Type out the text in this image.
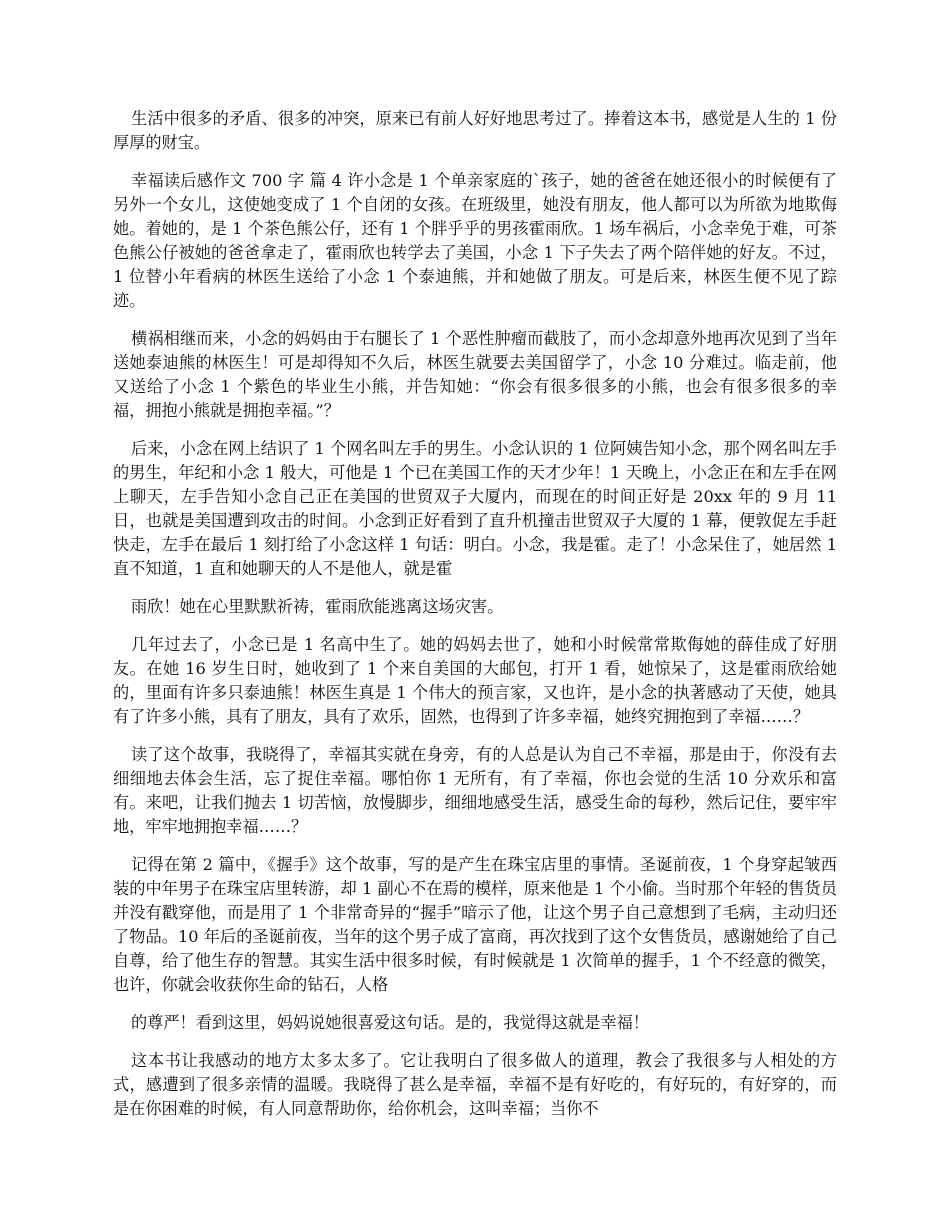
生活中很多的矛盾、很多的冲突，原来已有前人好好地思考过了。捧着这本书，感觉是人生的 1 份厚厚的财宝。

幸福读后感作文 700 字 篇 4 许小念是 1 个单亲家庭的`孩子，她的爸爸在她还很小的时候便有了另外一个女儿，这使她变成了 1 个自闭的女孩。在班级里，她没有朋友，他人都可以为所欲为地欺侮她。着她的，是 1 个茶色熊公仔，还有 1 个胖乎乎的男孩霍雨欣。1 场车祸后，小念幸免于难，可茶色熊公仔被她的爸爸拿走了，霍雨欣也转学去了美国，小念 1 下子失去了两个陪伴她的好友。不过，1 位替小年看病的林医生送给了小念 1 个泰迪熊，并和她做了朋友。可是后来，林医生便不见了踪迹。

横祸相继而来，小念的妈妈由于右腿长了 1 个恶性肿瘤而截肢了，而小念却意外地再次见到了当年送她泰迪熊的林医生！可是却得知不久后，林医生就要去美国留学了，小念 10 分难过。临走前，他又送给了小念 1 个紫色的毕业生小熊，并告知她：“你会有很多很多的小熊，也会有很多很多的幸福，拥抱小熊就是拥抱幸福。”？

后来，小念在网上结识了 1 个网名叫左手的男生。小念认识的 1 位阿姨告知小念，那个网名叫左手的男生，年纪和小念 1 般大，可他是 1 个已在美国工作的天才少年！1 天晚上，小念正在和左手在网上聊天，左手告知小念自己正在美国的世贸双子大厦内，而现在的时间正好是 20xx 年的 9 月 11 日，也就是美国遭到攻击的时间。小念到正好看到了直升机撞击世贸双子大厦的 1 幕，便敦促左手赶快走，左手在最后 1 刻打给了小念这样 1 句话：明白。小念，我是霍。走了！小念呆住了，她居然 1 直不知道，1 直和她聊天的人不是他人，就是霍

雨欣！她在心里默默祈祷，霍雨欣能逃离这场灾害。

几年过去了，小念已是 1 名高中生了。她的妈妈去世了，她和小时候常常欺侮她的薛佳成了好朋友。在她 16 岁生日时，她收到了 1 个来自美国的大邮包，打开 1 看，她惊呆了，这是霍雨欣给她的，里面有许多只泰迪熊！林医生真是 1 个伟大的预言家，又也许，是小念的执著感动了天使，她具有了许多小熊，具有了朋友，具有了欢乐，固然，也得到了许多幸福，她终究拥抱到了幸福……？

读了这个故事，我晓得了，幸福其实就在身旁，有的人总是认为自己不幸福，那是由于，你没有去细细地去体会生活，忘了捉住幸福。哪怕你 1 无所有，有了幸福，你也会觉的生活 10 分欢乐和富有。来吧，让我们抛去 1 切苦恼，放慢脚步，细细地感受生活，感受生命的每秒，然后记住，要牢牢地，牢牢地拥抱幸福……？

记得在第 2 篇中，《握手》这个故事，写的是产生在珠宝店里的事情。圣诞前夜，1 个身穿起皱西装的中年男子在珠宝店里转游，却 1 副心不在焉的模样，原来他是 1 个小偷。当时那个年轻的售货员并没有戳穿他，而是用了 1 个非常奇异的“握手”暗示了他，让这个男子自己意想到了毛病，主动归还了物品。10 年后的圣诞前夜，当年的这个男子成了富商，再次找到了这个女售货员，感谢她给了自己自尊，给了他生存的智慧。其实生活中很多时候，有时候就是 1 次简单的握手，1 个不经意的微笑，也许，你就会收获你生命的钻石，人格

的尊严！看到这里，妈妈说她很喜爱这句话。是的，我觉得这就是幸福！

这本书让我感动的地方太多太多了。它让我明白了很多做人的道理，教会了我很多与人相处的方式，感遭到了很多亲情的温暖。我晓得了甚么是幸福，幸福不是有好吃的，有好玩的，有好穿的，而是在你困难的时候，有人同意帮助你，给你机会，这叫幸福；当你不
